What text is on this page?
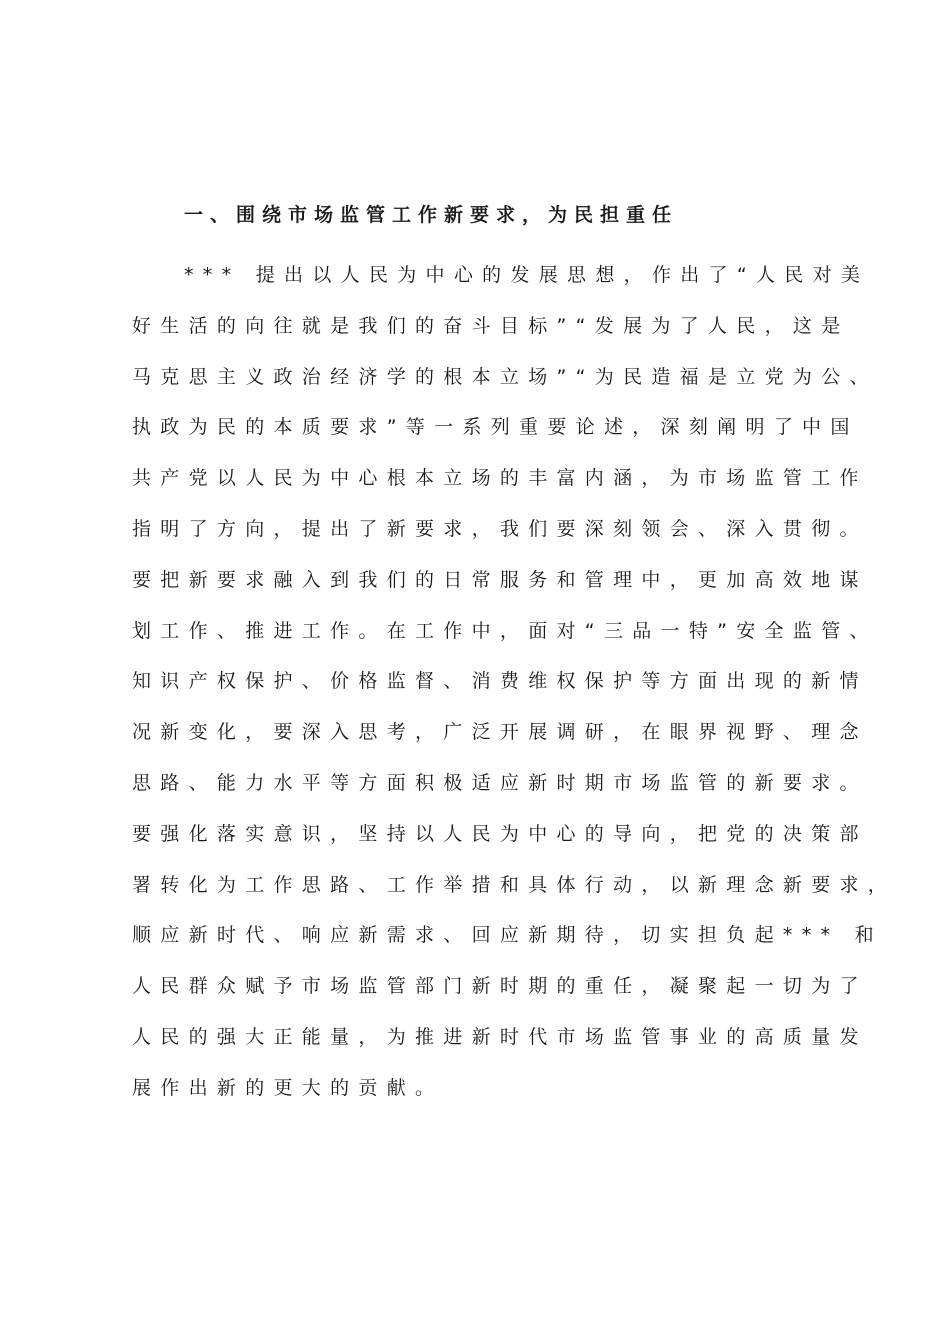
一、围绕市场监管工作新要求，为民担重任
*** 提出以人民为中心的发展思想，作出了“人民对美
好生活的向往就是我们的奋斗目标”“发展为了人民，这是
马克思主义政治经济学的根本立场”“为民造福是立党为公、
执政为民的本质要求”等一系列重要论述，深刻阐明了中国
共产党以人民为中心根本立场的丰富内涵，为市场监管工作
指明了方向，提出了新要求，我们要深刻领会、深入贯彻。
要把新要求融入到我们的日常服务和管理中，更加高效地谋
划工作、推进工作。在工作中，面对“三品一特”安全监管、
知识产权保护、价格监督、消费维权保护等方面出现的新情
况新变化，要深入思考，广泛开展调研，在眼界视野、理念
思路、能力水平等方面积极适应新时期市场监管的新要求。
要强化落实意识，坚持以人民为中心的导向，把党的决策部
署转化为工作思路、工作举措和具体行动，以新理念新要求，
顺应新时代、响应新需求、回应新期待，切实担负起*** 和
人民群众赋予市场监管部门新时期的重任，凝聚起一切为了
人民的强大正能量，为推进新时代市场监管事业的高质量发
展作出新的更大的贡献。
